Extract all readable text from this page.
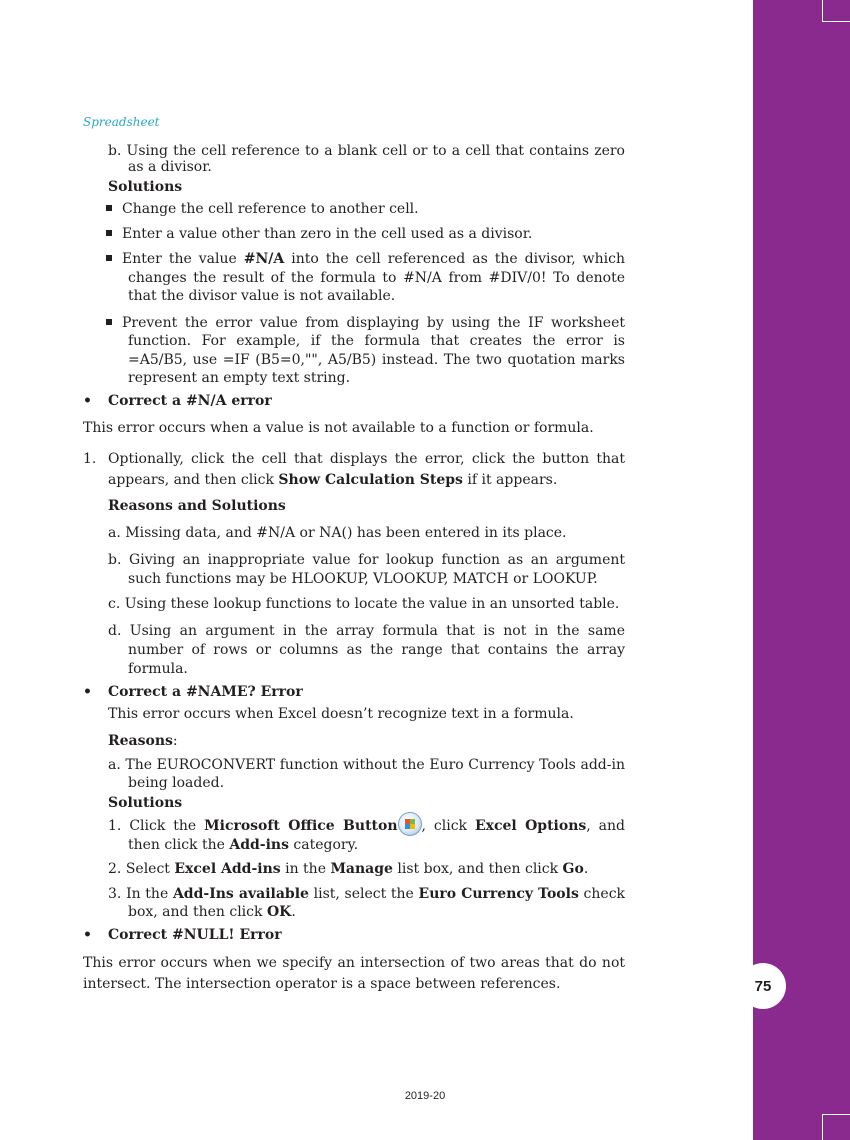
75
Spreadsheet

b. Using the cell reference to a blank cell or to a cell that contains zero as a divisor.

Solutions

Change the cell reference to another cell.

Enter a value other than zero in the cell used as a divisor.

Enter the value #N/A into the cell referenced as the divisor, which changes the result of the formula to #N/A from #DIV/0! To denote that the divisor value is not available.

Prevent the error value from displaying by using the IF worksheet function. For example, if the formula that creates the error is =A5/B5, use =IF (B5=0,"", A5/B5) instead. The two quotation marks represent an empty text string.

• Correct a #N/A error

This error occurs when a value is not available to a function or formula.

1. Optionally, click the cell that displays the error, click the button that appears, and then click Show Calculation Steps if it appears.

Reasons and Solutions

a. Missing data, and #N/A or NA() has been entered in its place.

b. Giving an inappropriate value for lookup function as an argument such functions may be HLOOKUP, VLOOKUP, MATCH or LOOKUP.

c. Using these lookup functions to locate the value in an unsorted table.

d. Using an argument in the array formula that is not in the same number of rows or columns as the range that contains the array formula.

• Correct a #NAME? Error

This error occurs when Excel doesn’t recognize text in a formula.

Reasons:

a. The EUROCONVERT function without the Euro Currency Tools add-in being loaded.

Solutions

1. Click the Microsoft Office Button , click Excel Options, and then click the Add-ins category.

2. Select Excel Add-ins in the Manage list box, and then click Go.

3. In the Add-Ins available list, select the Euro Currency Tools check box, and then click OK.

• Correct #NULL! Error

This error occurs when we specify an intersection of two areas that do not intersect. The intersection operator is a space between references.

2019-20
